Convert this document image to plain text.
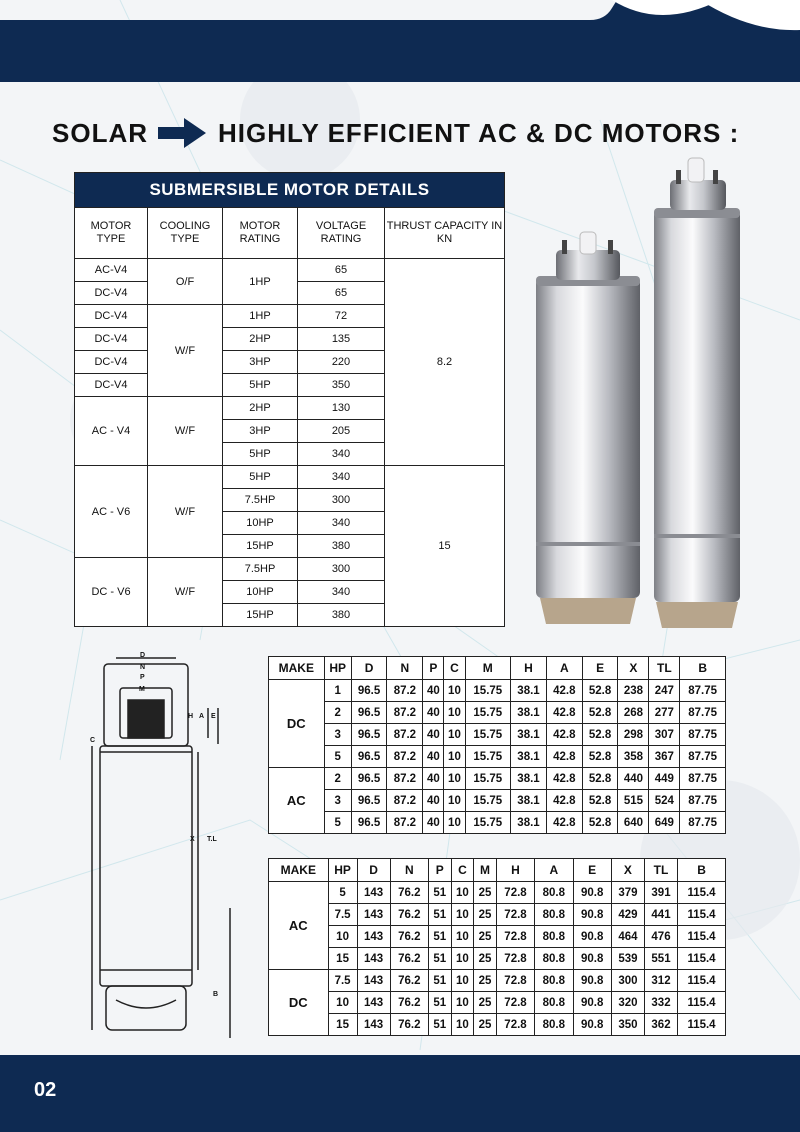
SOLAR	HIGHLY EFFICIENT AC & DC MOTORS :
SUBMERSIBLE MOTOR DETAILS				
MOTOR TYPE	COOLING TYPE	MOTOR RATING	VOLTAGE RATING	THRUST CAPACITY IN KN
AC-V4	O/F	1HP	65	8.2
DC-V4			65	
DC-V4	W/F	1HP	72	
DC-V4		2HP	135	
DC-V4		3HP	220	
DC-V4		5HP	350	
AC - V4	W/F	2HP	130	
		3HP	205	
		5HP	340	
AC - V6	W/F	5HP	340	15
		7.5HP	300	
		10HP	340	
		15HP	380	
DC - V6	W/F	7.5HP	300	
		10HP	340	
		15HP	380	
D
N
P
M
C
H A E
X T.L
B
MAKE	HP	D	N	P	C	M	H	A	E	X	TL	B
DC	1	96.5	87.2	40	10	15.75	38.1	42.8	52.8	238	247	87.75
	2	96.5	87.2	40	10	15.75	38.1	42.8	52.8	268	277	87.75
	3	96.5	87.2	40	10	15.75	38.1	42.8	52.8	298	307	87.75
	5	96.5	87.2	40	10	15.75	38.1	42.8	52.8	358	367	87.75
AC	2	96.5	87.2	40	10	15.75	38.1	42.8	52.8	440	449	87.75
	3	96.5	87.2	40	10	15.75	38.1	42.8	52.8	515	524	87.75
	5	96.5	87.2	40	10	15.75	38.1	42.8	52.8	640	649	87.75
MAKE	HP	D	N	P	C	M	H	A	E	X	TL	B
AC	5	143	76.2	51	10	25	72.8	80.8	90.8	379	391	115.4
	7.5	143	76.2	51	10	25	72.8	80.8	90.8	429	441	115.4
	10	143	76.2	51	10	25	72.8	80.8	90.8	464	476	115.4
	15	143	76.2	51	10	25	72.8	80.8	90.8	539	551	115.4
DC	7.5	143	76.2	51	10	25	72.8	80.8	90.8	300	312	115.4
	10	143	76.2	51	10	25	72.8	80.8	90.8	320	332	115.4
	15	143	76.2	51	10	25	72.8	80.8	90.8	350	362	115.4
02
